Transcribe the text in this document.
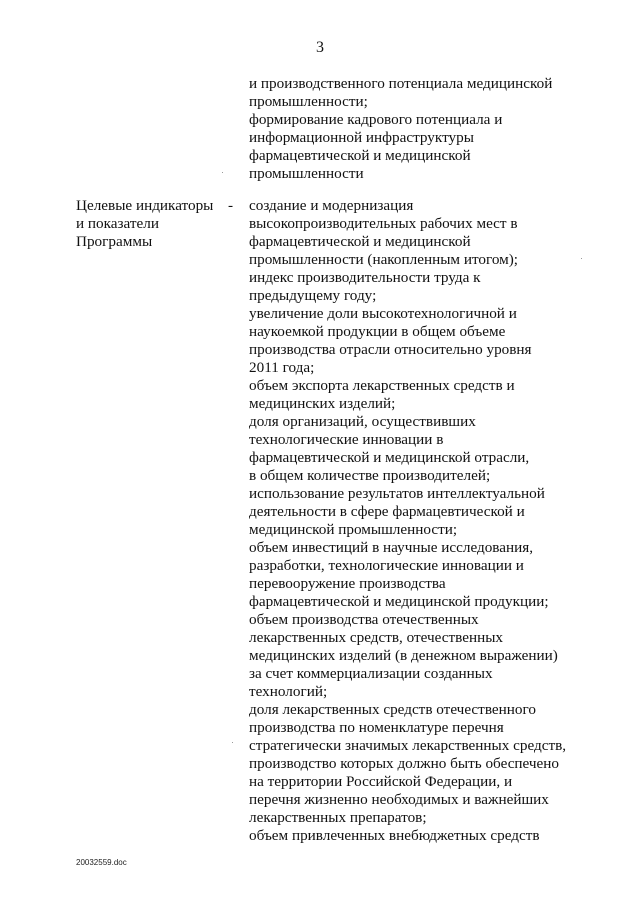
3
и производственного потенциала медицинской
промышленности;
формирование кадрового потенциала и
информационной инфраструктуры
фармацевтической и медицинской
промышленности
Целевые индикаторы
и показатели
Программы
- создание и модернизация
высокопроизводительных рабочих мест в
фармацевтической и медицинской
промышленности (накопленным итогом);
индекс производительности труда к
предыдущему году;
увеличение доли высокотехнологичной и
наукоемкой продукции в общем объеме
производства отрасли относительно уровня
2011 года;
объем экспорта лекарственных средств и
медицинских изделий;
доля организаций, осуществивших
технологические инновации в
фармацевтической и медицинской отрасли,
в общем количестве производителей;
использование результатов интеллектуальной
деятельности в сфере фармацевтической и
медицинской промышленности;
объем инвестиций в научные исследования,
разработки, технологические инновации и
перевооружение производства
фармацевтической и медицинской продукции;
объем производства отечественных
лекарственных средств, отечественных
медицинских изделий (в денежном выражении)
за счет коммерциализации созданных
технологий;
доля лекарственных средств отечественного
производства по номенклатуре перечня
стратегически значимых лекарственных средств,
производство которых должно быть обеспечено
на территории Российской Федерации, и
перечня жизненно необходимых и важнейших
лекарственных препаратов;
объем привлеченных внебюджетных средств
20032559.doc
